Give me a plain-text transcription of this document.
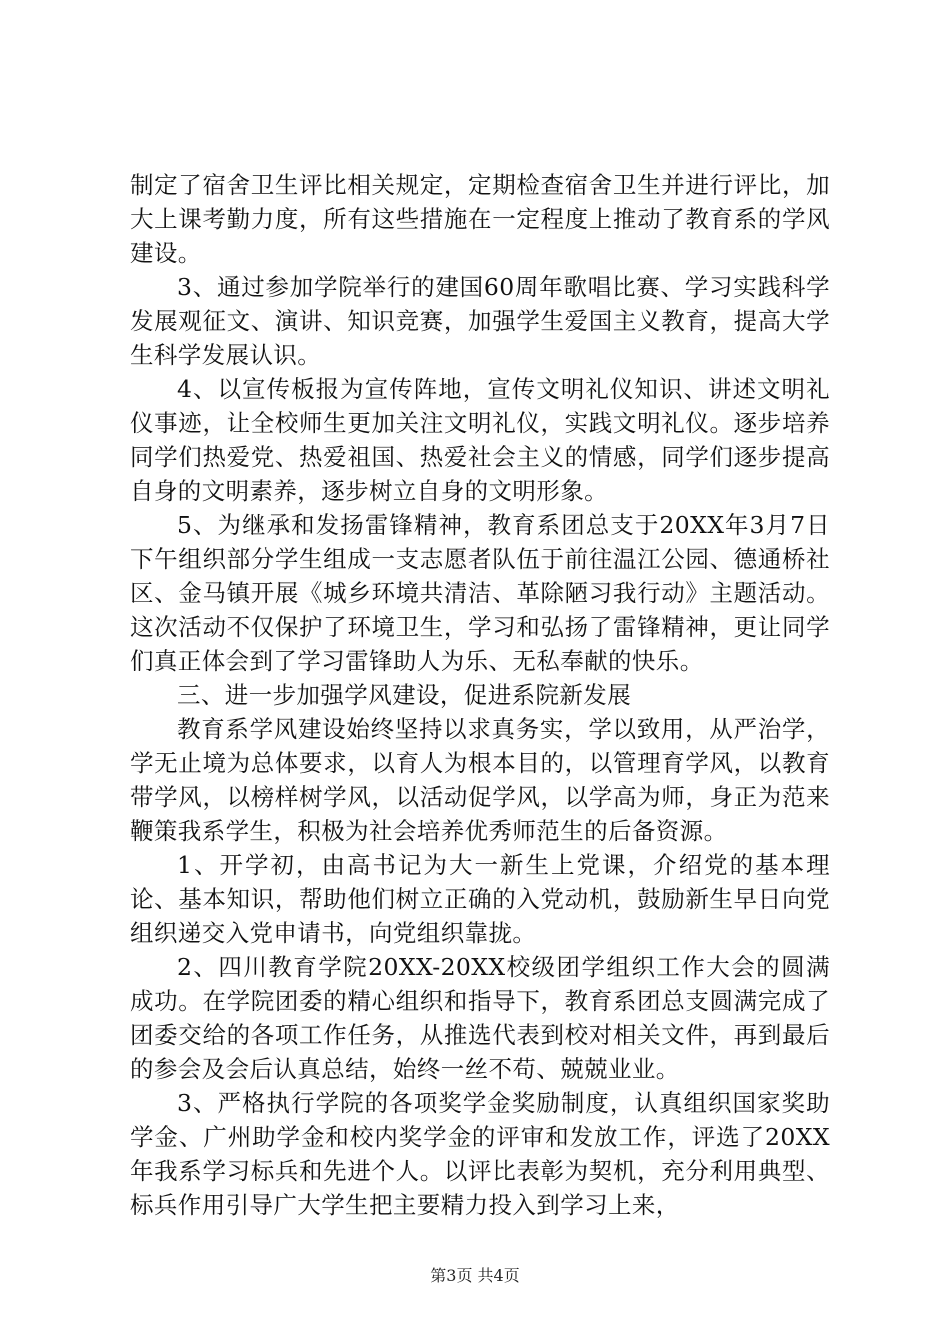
制定了宿舍卫生评比相关规定，定期检查宿舍卫生并进行评比，加大上课考勤力度，所有这些措施在一定程度上推动了教育系的学风建设。

3、通过参加学院举行的建国60周年歌唱比赛、学习实践科学发展观征文、演讲、知识竞赛，加强学生爱国主义教育，提高大学生科学发展认识。

4、以宣传板报为宣传阵地，宣传文明礼仪知识、讲述文明礼仪事迹，让全校师生更加关注文明礼仪，实践文明礼仪。逐步培养同学们热爱党、热爱祖国、热爱社会主义的情感，同学们逐步提高自身的文明素养，逐步树立自身的文明形象。

5、为继承和发扬雷锋精神，教育系团总支于20XX年3月7日下午组织部分学生组成一支志愿者队伍于前往温江公园、德通桥社区、金马镇开展《城乡环境共清洁、革除陋习我行动》主题活动。这次活动不仅保护了环境卫生，学习和弘扬了雷锋精神，更让同学们真正体会到了学习雷锋助人为乐、无私奉献的快乐。

三、进一步加强学风建设，促进系院新发展

教育系学风建设始终坚持以求真务实，学以致用，从严治学，学无止境为总体要求，以育人为根本目的，以管理育学风，以教育带学风，以榜样树学风，以活动促学风，以学高为师，身正为范来鞭策我系学生，积极为社会培养优秀师范生的后备资源。

1、开学初，由高书记为大一新生上党课，介绍党的基本理论、基本知识，帮助他们树立正确的入党动机，鼓励新生早日向党组织递交入党申请书，向党组织靠拢。

2、四川教育学院20XX-20XX校级团学组织工作大会的圆满成功。在学院团委的精心组织和指导下，教育系团总支圆满完成了团委交给的各项工作任务，从推选代表到校对相关文件，再到最后的参会及会后认真总结，始终一丝不苟、兢兢业业。

3、严格执行学院的各项奖学金奖励制度，认真组织国家奖助学金、广州助学金和校内奖学金的评审和发放工作，评选了20XX年我系学习标兵和先进个人。以评比表彰为契机，充分利用典型、标兵作用引导广大学生把主要精力投入到学习上来，

第3页 共4页
